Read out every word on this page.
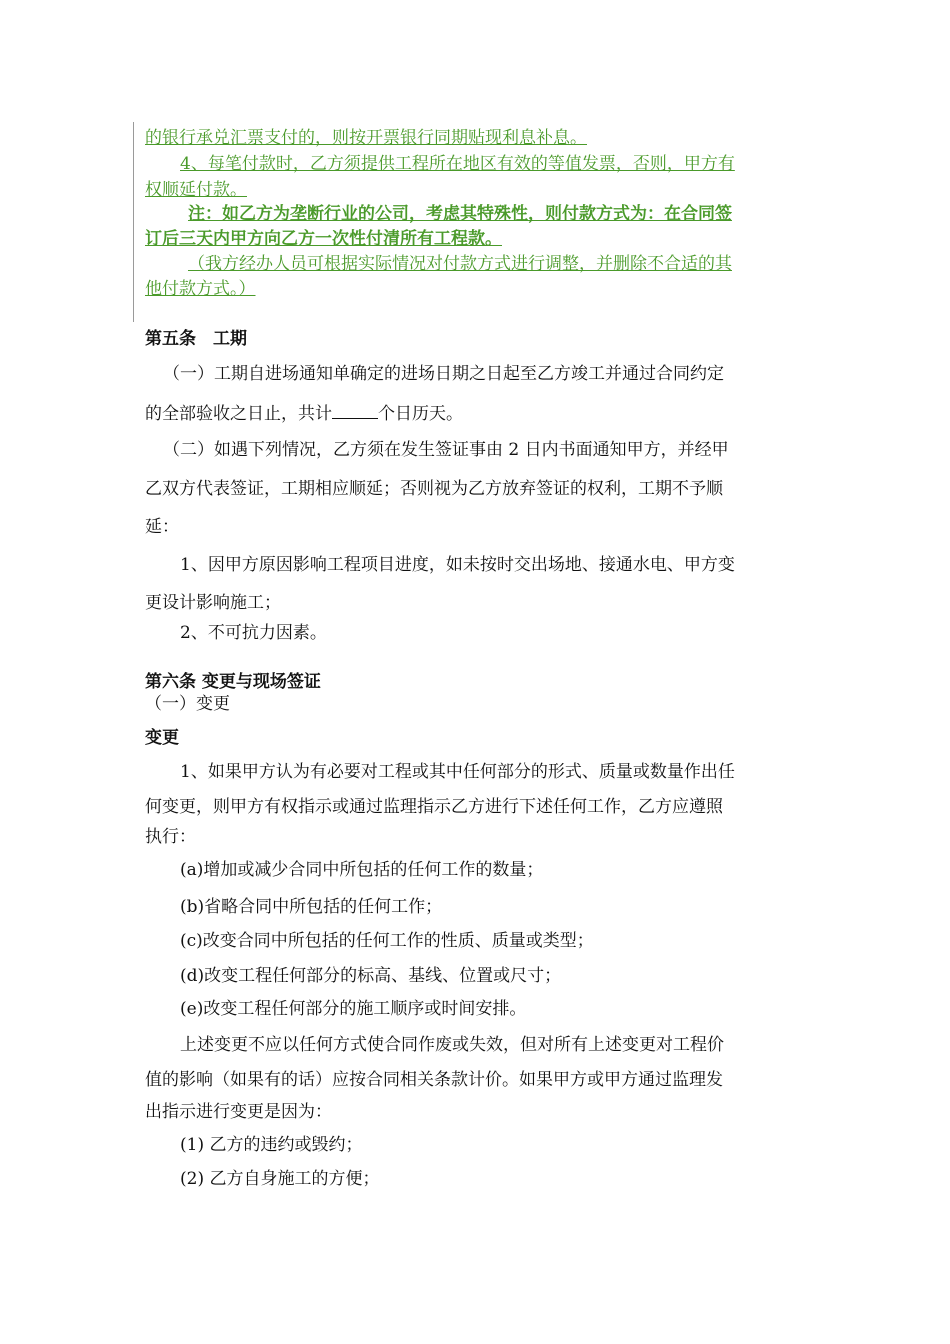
的银行承兑汇票支付的，则按开票银行同期贴现利息补息。
4、每笔付款时，乙方须提供工程所在地区有效的等值发票，否则，甲方有
权顺延付款。
注：如乙方为垄断行业的公司，考虑其特殊性，则付款方式为：在合同签
订后三天内甲方向乙方一次性付清所有工程款。
（我方经办人员可根据实际情况对付款方式进行调整，并删除不合适的其
他付款方式。）
第五条　工期
（一）工期自进场通知单确定的进场日期之日起至乙方竣工并通过合同约定
的全部验收之日止，共计	个日历天。
（二）如遇下列情况，乙方须在发生签证事由 2 日内书面通知甲方，并经甲
乙双方代表签证，工期相应顺延；否则视为乙方放弃签证的权利，工期不予顺
延：
1、因甲方原因影响工程项目进度，如未按时交出场地、接通水电、甲方变
更设计影响施工；
2、不可抗力因素。
第六条 变更与现场签证
（一）变更
变更
1、如果甲方认为有必要对工程或其中任何部分的形式、质量或数量作出任
何变更，则甲方有权指示或通过监理指示乙方进行下述任何工作，乙方应遵照
执行：
(a)增加或减少合同中所包括的任何工作的数量；
(b)省略合同中所包括的任何工作；
(c)改变合同中所包括的任何工作的性质、质量或类型；
(d)改变工程任何部分的标高、基线、位置或尺寸；
(e)改变工程任何部分的施工顺序或时间安排。
上述变更不应以任何方式使合同作废或失效，但对所有上述变更对工程价
值的影响（如果有的话）应按合同相关条款计价。如果甲方或甲方通过监理发
出指示进行变更是因为：
(1) 乙方的违约或毁约；
(2) 乙方自身施工的方便；
